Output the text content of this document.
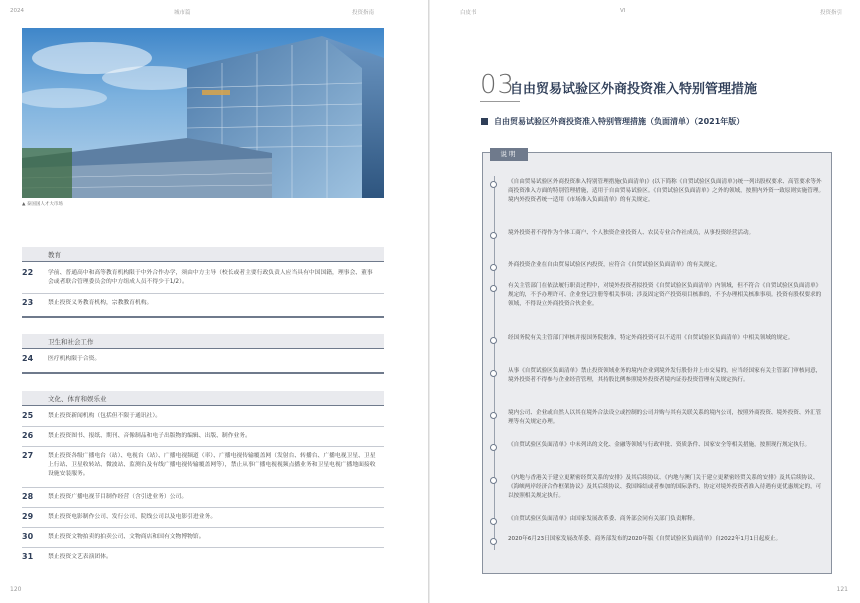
2024	城市篇	投资指南
▲ 泰国国人才大市场
教育
22	学前、普通高中和高等教育机构限于中外合作办学，须由中方主导（校长或者主要行政负责人应当具有中国国籍，理事会、董事会或者联合管理委员会的中方组成人员不得少于1/2）。
23	禁止投资义务教育机构，宗教教育机构。
卫生和社会工作
24	医疗机构限于合资。
文化、体育和娱乐业
25	禁止投资新闻机构（包括但不限于通讯社）。
26	禁止投资图书、报纸、期刊、音像制品和电子出版物的编辑、出版、制作业务。
27	禁止投资各级广播电台（站）、电视台（站）、广播电视频道（率）、广播电视传输覆盖网（发射台、转播台、广播电视卫星、卫星上行站、卫星收转站、微波站、监测台及有线广播电视传输覆盖网等），禁止从事广播电视视频点播业务和卫星电视广播地面接收设施安装服务。
28	禁止投资广播电视节目制作经营（含引进业务）公司。
29	禁止投资电影制作公司、发行公司、院线公司以及电影引进业务。
30	禁止投资文物拍卖的拍卖公司、文物商店和国有文物博物馆。
31	禁止投资文艺表演团体。
120
白皮书	VI	投资指引
03
自由贸易试验区外商投资准入特别管理措施
自由贸易试验区外商投资准入特别管理措施（负面清单）（2021年版）
说明
《自由贸易试验区外商投资准入特别管理措施(负面清单)》(以下简称《自贸试验区负面清单》)统一列出股权要求、高管要求等外商投资准入方面的特别管理措施，适用于自由贸易试验区。《自贸试验区负面清单》之外的领域，按照内外资一致原则实施管理。境内外投资者统一适用《市场准入负面清单》的有关规定。
境外投资者不得作为个体工商户、个人独资企业投资人、农民专业合作社成员，从事投资经营活动。
外商投资企业在自由贸易试验区内投资，应符合《自贸试验区负面清单》的有关规定。
有关主管部门在依法履行职责过程中，对境外投资者拟投资《自贸试验区负面清单》内领域，但不符合《自贸试验区负面清单》规定的，不予办理许可、企业登记注册等相关事项；涉及固定资产投资项目核准的，不予办理相关核准事项。投资有股权要求的领域，不得设立外商投资合伙企业。
经国务院有关主管部门审核并报国务院批准，特定外商投资可以不适用《自贸试验区负面清单》中相关领域的规定。
从事《自贸试验区负面清单》禁止投资领域业务的境内企业到境外发行股份并上市交易的，应当经国家有关主管部门审核同意，境外投资者不得参与企业经营管理，其持股比例参照境外投资者境内证券投资管理有关规定执行。
境内公司、企业或自然人以其在境外合法设立或控制的公司并购与其有关联关系的境内公司，按照外商投资、境外投资、外汇管理等有关规定办理。
《自贸试验区负面清单》中未列出的文化、金融等领域与行政审批、资质条件、国家安全等相关措施，按照现行规定执行。
《内地与香港关于建立更紧密经贸关系的安排》及其后续协议、《内地与澳门关于建立更紧密经贸关系的安排》及其后续协议、《海峡两岸经济合作框架协议》及其后续协议、我国缔结或者参加的国际条约、协定对境外投资者准入待遇有更优惠规定的，可以按照相关规定执行。
《自贸试验区负面清单》由国家发展改革委、商务部会同有关部门负责解释。
2020年6月23日国家发展改革委、商务部发布的2020年版《自贸试验区负面清单》自2022年1月1日起废止。
121
